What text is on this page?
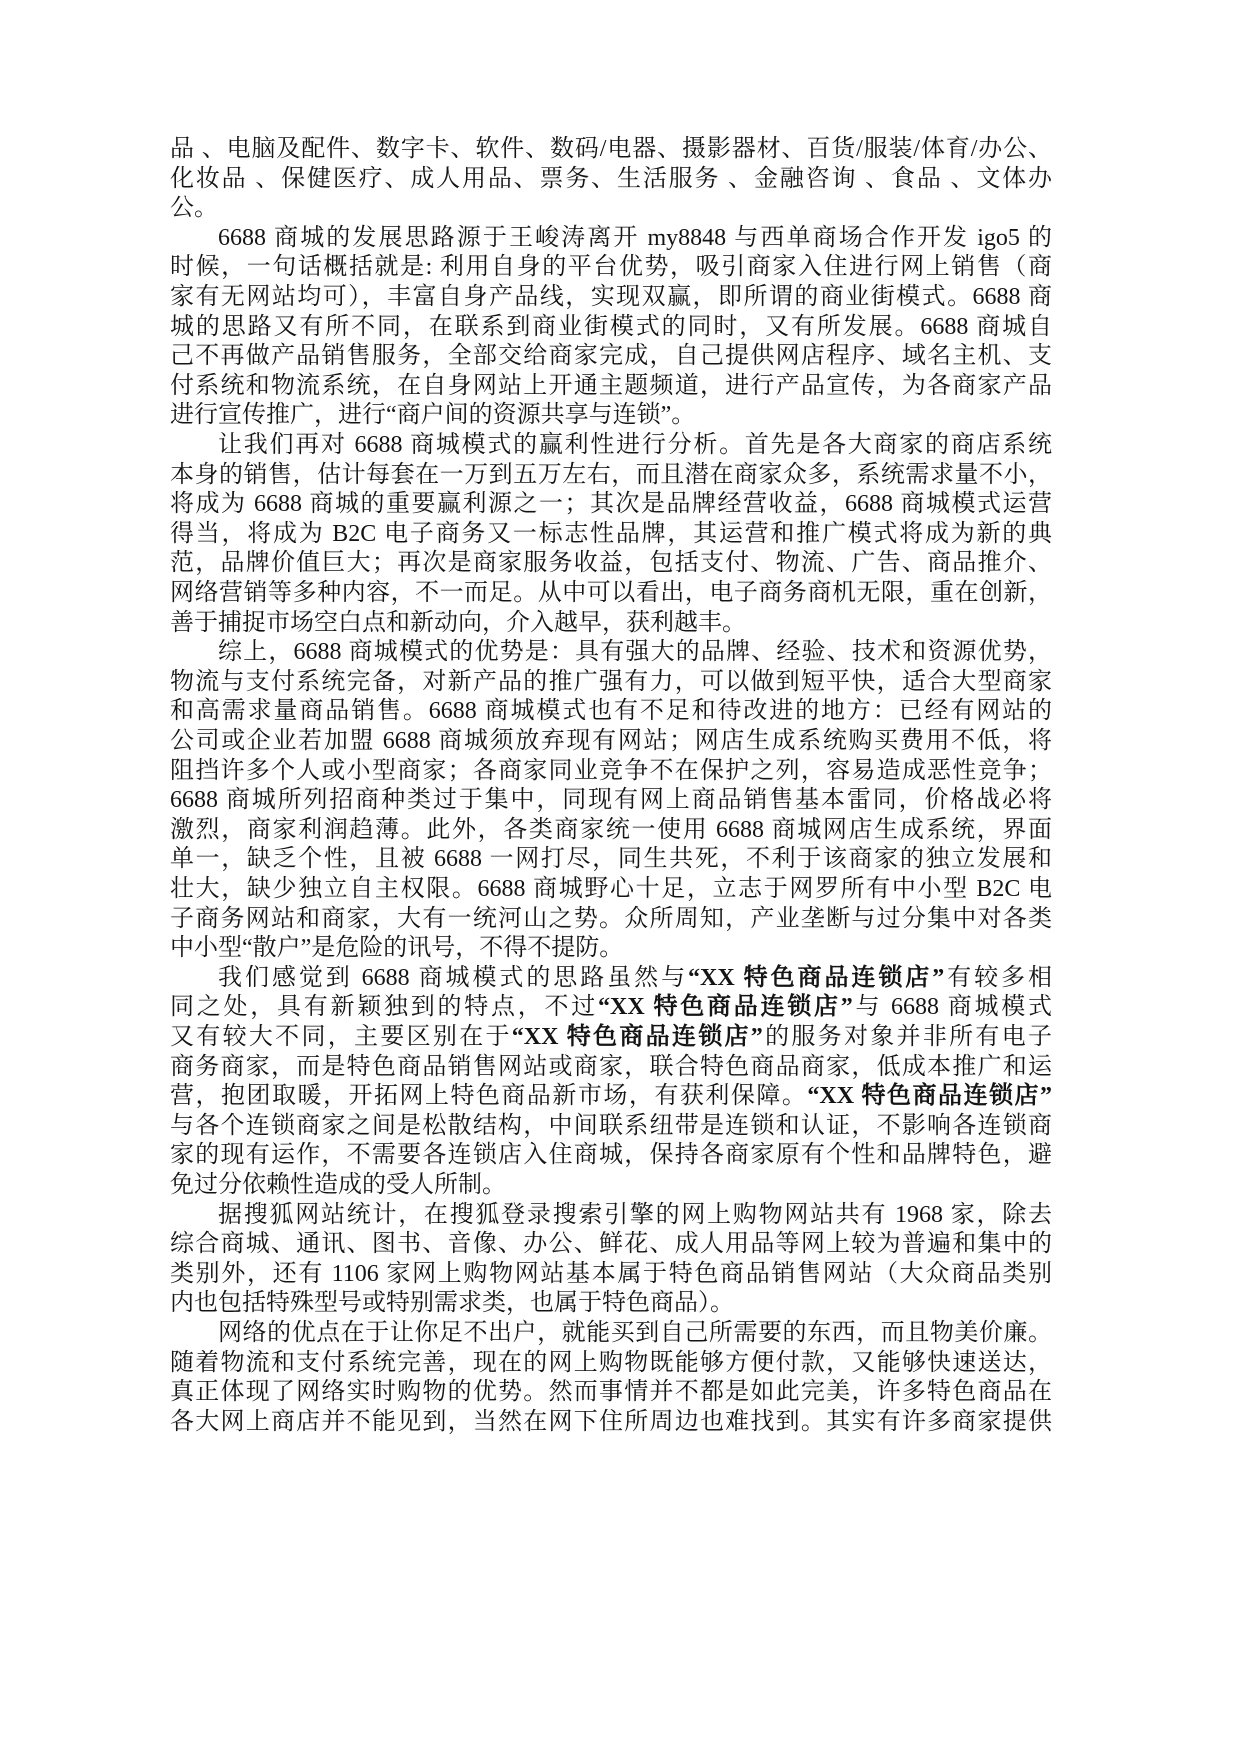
品 、电脑及配件、数字卡、软件、数码/电器、摄影器材、百货/服装/体育/办公、
化妆品 、保健医疗、成人用品、票务、生活服务 、金融咨询 、食品 、文体办
公。
6688 商城的发展思路源于王峻涛离开 my8848 与西单商场合作开发 igo5 的
时候，一句话概括就是: 利用自身的平台优势，吸引商家入住进行网上销售（商
家有无网站均可），丰富自身产品线，实现双赢，即所谓的商业街模式。6688 商
城的思路又有所不同，在联系到商业街模式的同时，又有所发展。6688 商城自
己不再做产品销售服务，全部交给商家完成，自己提供网店程序、域名主机、支
付系统和物流系统，在自身网站上开通主题频道，进行产品宣传，为各商家产品
进行宣传推广，进行“商户间的资源共享与连锁”。
让我们再对 6688 商城模式的赢利性进行分析。首先是各大商家的商店系统
本身的销售，估计每套在一万到五万左右，而且潜在商家众多，系统需求量不小，
将成为 6688 商城的重要赢利源之一；其次是品牌经营收益，6688 商城模式运营
得当，将成为 B2C 电子商务又一标志性品牌，其运营和推广模式将成为新的典
范，品牌价值巨大；再次是商家服务收益，包括支付、物流、广告、商品推介、
网络营销等多种内容，不一而足。从中可以看出，电子商务商机无限，重在创新，
善于捕捉市场空白点和新动向，介入越早，获利越丰。
综上，6688 商城模式的优势是：具有强大的品牌、经验、技术和资源优势，
物流与支付系统完备，对新产品的推广强有力，可以做到短平快，适合大型商家
和高需求量商品销售。6688 商城模式也有不足和待改进的地方：已经有网站的
公司或企业若加盟 6688 商城须放弃现有网站；网店生成系统购买费用不低，将
阻挡许多个人或小型商家；各商家同业竞争不在保护之列，容易造成恶性竞争；
6688 商城所列招商种类过于集中，同现有网上商品销售基本雷同，价格战必将
激烈，商家利润趋薄。此外，各类商家统一使用 6688 商城网店生成系统，界面
单一，缺乏个性，且被 6688 一网打尽，同生共死，不利于该商家的独立发展和
壮大，缺少独立自主权限。6688 商城野心十足，立志于网罗所有中小型 B2C 电
子商务网站和商家，大有一统河山之势。众所周知，产业垄断与过分集中对各类
中小型“散户”是危险的讯号，不得不提防。
我们感觉到 6688 商城模式的思路虽然与“XX 特色商品连锁店”有较多相
同之处，具有新颖独到的特点，不过“XX 特色商品连锁店”与 6688 商城模式
又有较大不同，主要区别在于“XX 特色商品连锁店”的服务对象并非所有电子
商务商家，而是特色商品销售网站或商家，联合特色商品商家，低成本推广和运
营，抱团取暖，开拓网上特色商品新市场，有获利保障。“XX 特色商品连锁店”
与各个连锁商家之间是松散结构，中间联系纽带是连锁和认证，不影响各连锁商
家的现有运作，不需要各连锁店入住商城，保持各商家原有个性和品牌特色，避
免过分依赖性造成的受人所制。
据搜狐网站统计，在搜狐登录搜索引擎的网上购物网站共有 1968 家，除去
综合商城、通讯、图书、音像、办公、鲜花、成人用品等网上较为普遍和集中的
类别外，还有 1106 家网上购物网站基本属于特色商品销售网站（大众商品类别
内也包括特殊型号或特别需求类，也属于特色商品）。
网络的优点在于让你足不出户，就能买到自己所需要的东西，而且物美价廉。
随着物流和支付系统完善，现在的网上购物既能够方便付款，又能够快速送达，
真正体现了网络实时购物的优势。然而事情并不都是如此完美，许多特色商品在
各大网上商店并不能见到，当然在网下住所周边也难找到。其实有许多商家提供
